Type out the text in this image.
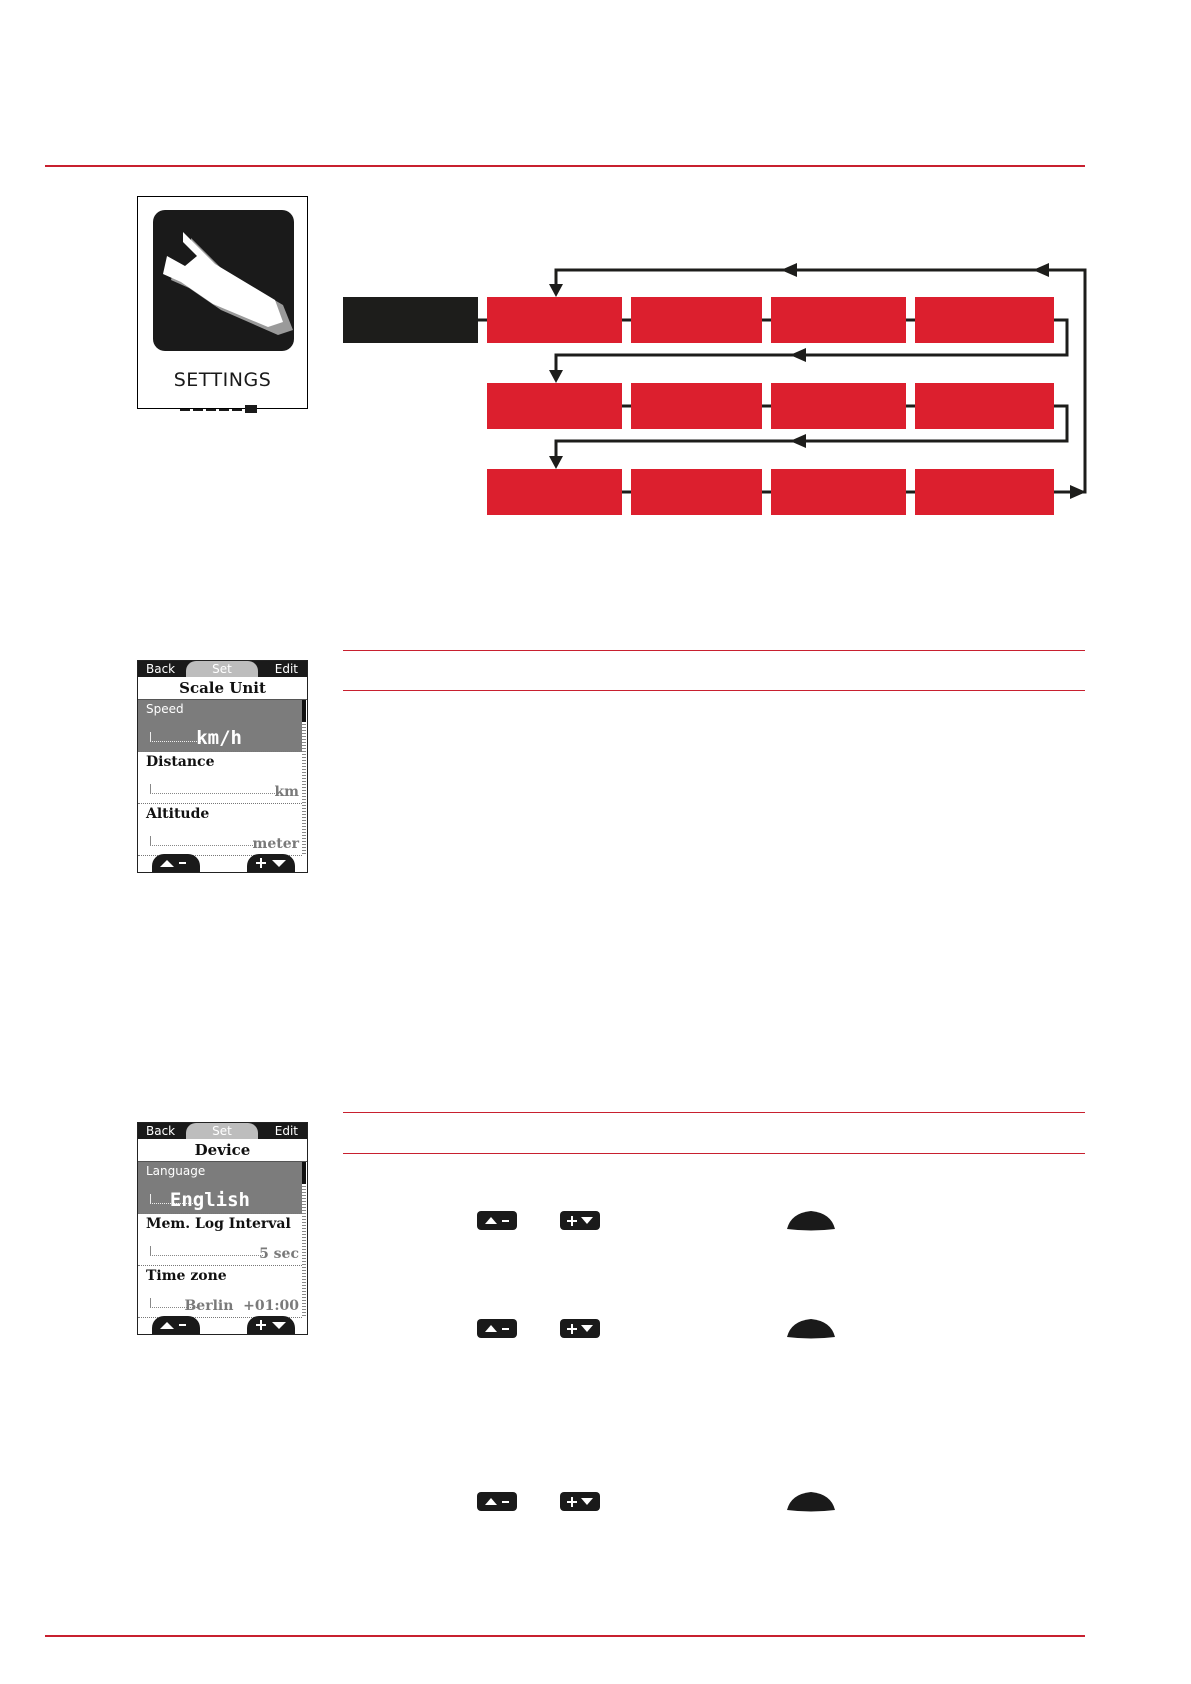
SETTINGS
Back	Set	Edit
Scale Unit
Speed
km/h
Distance
km
Altitude
meter
Back	Set	Edit
Device
Language
English
Mem. Log Interval
5 sec
Time zone
Berlin  +01:00
